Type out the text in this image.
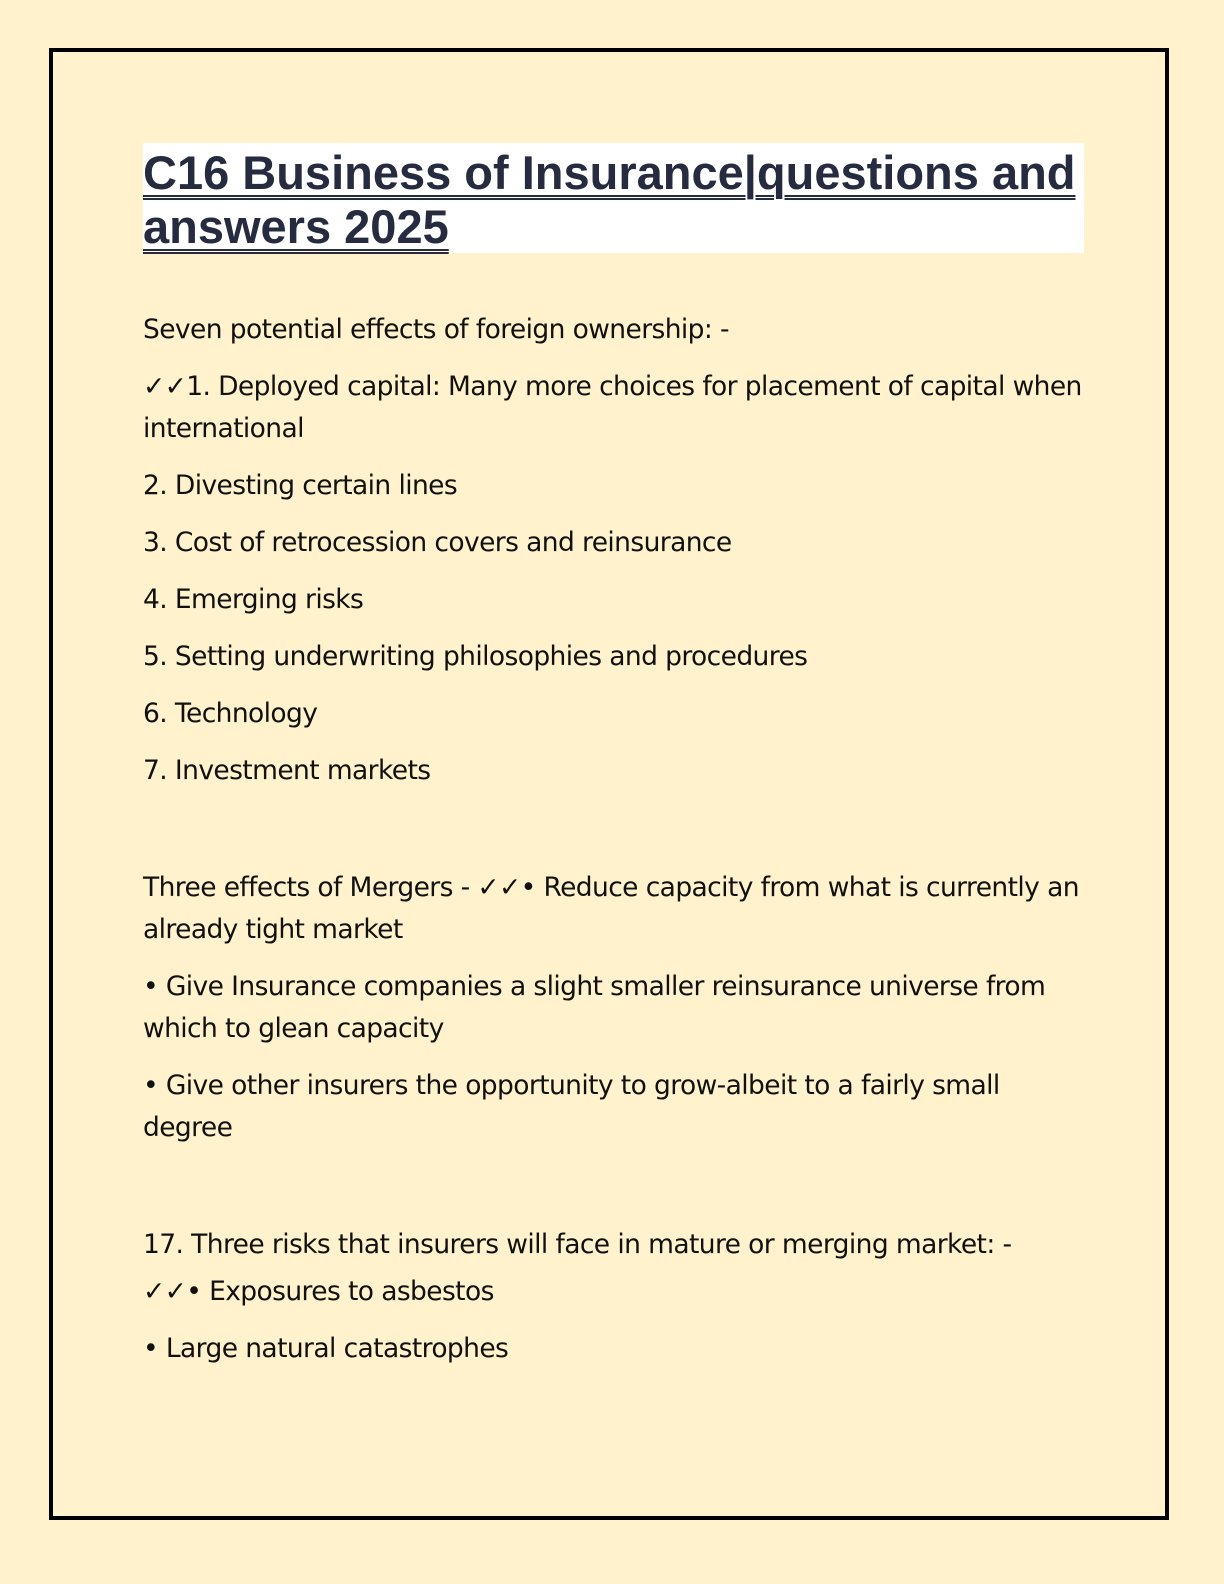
C16 Business of Insurance|questions and answers 2025

Seven potential effects of foreign ownership: -

✓✓1. Deployed capital: Many more choices for placement of capital when international

2. Divesting certain lines

3. Cost of retrocession covers and reinsurance

4. Emerging risks

5. Setting underwriting philosophies and procedures

6. Technology

7. Investment markets

Three effects of Mergers - ✓✓• Reduce capacity from what is currently an already tight market

• Give Insurance companies a slight smaller reinsurance universe from which to glean capacity

• Give other insurers the opportunity to grow-albeit to a fairly small degree

17. Three risks that insurers will face in mature or merging market: -

✓✓• Exposures to asbestos

• Large natural catastrophes
